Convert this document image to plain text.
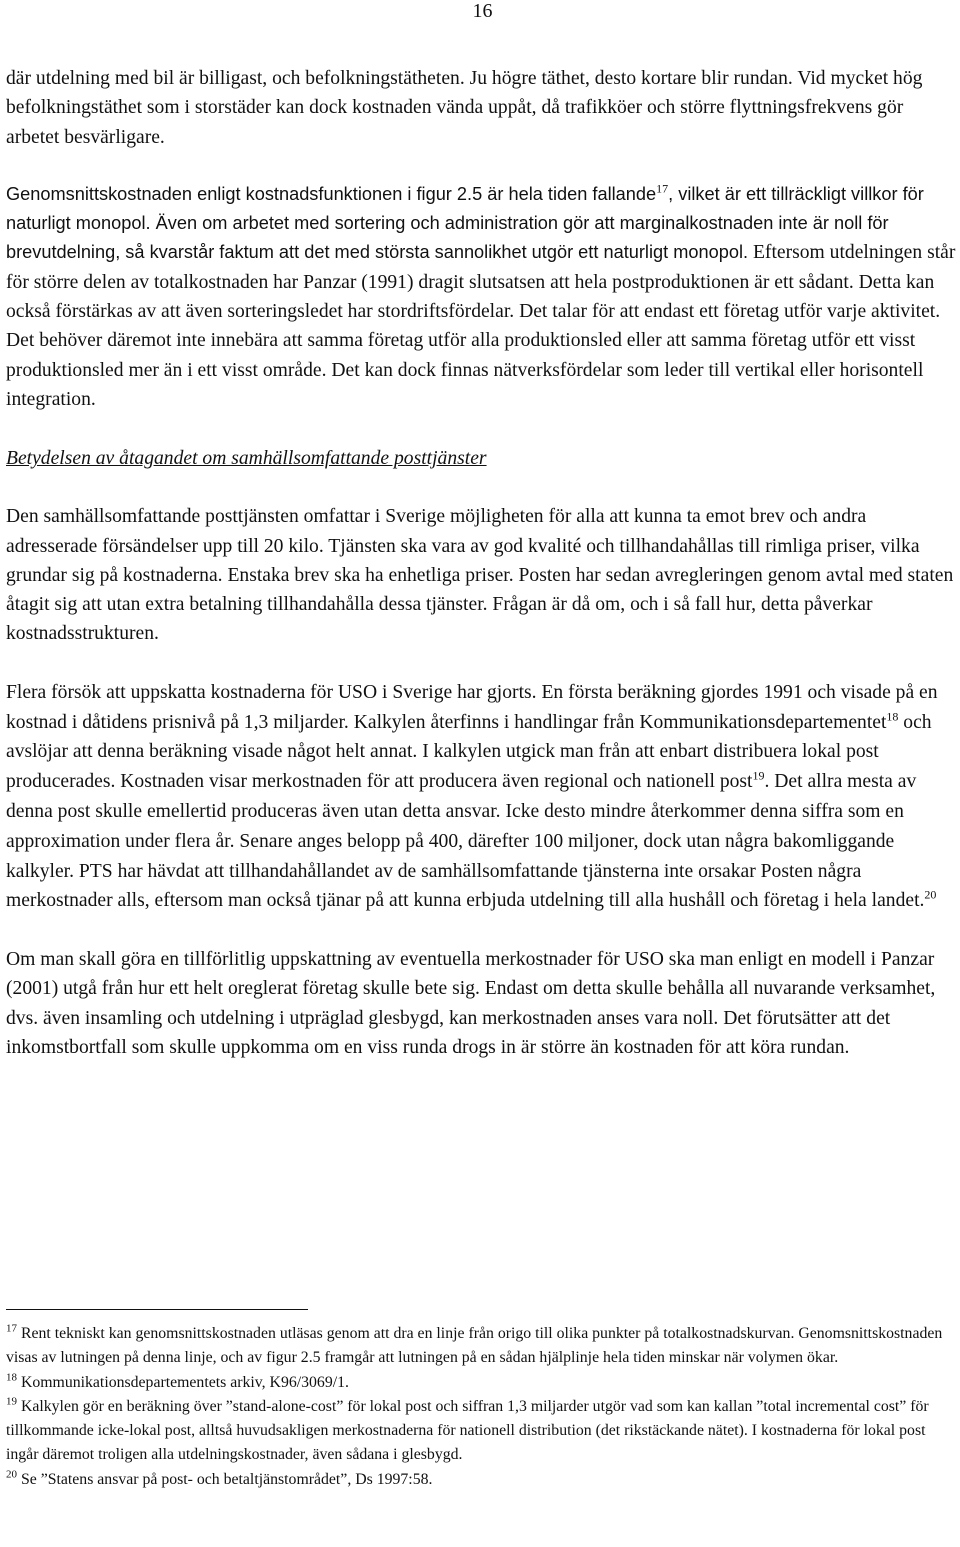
16

där utdelning med bil är billigast, och befolkningstätheten. Ju högre täthet, desto kortare blir rundan. Vid mycket hög befolkningstäthet som i storstäder kan dock kostnaden vända uppåt, då trafikköer och större flyttningsfrekvens gör arbetet besvärligare.

Genomsnittskostnaden enligt kostnadsfunktionen i figur 2.5 är hela tiden fallande$^{17}$, vilket är ett tillräckligt villkor för naturligt monopol. Även om arbetet med sortering och administration gör att marginalkostnaden inte är noll för brevutdelning, så kvarstår faktum att det med största sannolikhet utgör ett naturligt monopol. Eftersom utdelningen står för större delen av totalkostnaden har Panzar (1991) dragit slutsatsen att hela postproduktionen är ett sådant. Detta kan också förstärkas av att även sorteringsledet har stordriftsfördelar. Det talar för att endast ett företag utför varje aktivitet. Det behöver däremot inte innebära att samma företag utför alla produktionsled eller att samma företag utför ett visst produktionsled mer än i ett visst område. Det kan dock finnas nätverksfördelar som leder till vertikal eller horisontell integration.

Betydelsen av åtagandet om samhällsomfattande posttjänster

Den samhällsomfattande posttjänsten omfattar i Sverige möjligheten för alla att kunna ta emot brev och andra adresserade försändelser upp till 20 kilo. Tjänsten ska vara av god kvalité och tillhandahållas till rimliga priser, vilka grundar sig på kostnaderna. Enstaka brev ska ha enhetliga priser. Posten har sedan avregleringen genom avtal med staten åtagit sig att utan extra betalning tillhandahålla dessa tjänster. Frågan är då om, och i så fall hur, detta påverkar kostnadsstrukturen.

Flera försök att uppskatta kostnaderna för USO i Sverige har gjorts. En första beräkning gjordes 1991 och visade på en kostnad i dåtidens prisnivå på 1,3 miljarder. Kalkylen återfinns i handlingar från Kommunikationsdepartementet$^{18}$ och avslöjar att denna beräkning visade något helt annat. I kalkylen utgick man från att enbart distribuera lokal post producerades. Kostnaden visar merkostnaden för att producera även regional och nationell post$^{19}$. Det allra mesta av denna post skulle emellertid produceras även utan detta ansvar. Icke desto mindre återkommer denna siffra som en approximation under flera år. Senare anges belopp på 400, därefter 100 miljoner, dock utan några bakomliggande kalkyler. PTS har hävdat att tillhandahållandet av de samhällsomfattande tjänsterna inte orsakar Posten några merkostnader alls, eftersom man också tjänar på att kunna erbjuda utdelning till alla hushåll och företag i hela landet.$^{20}$

Om man skall göra en tillförlitlig uppskattning av eventuella merkostnader för USO ska man enligt en modell i Panzar (2001) utgå från hur ett helt oreglerat företag skulle bete sig. Endast om detta skulle behålla all nuvarande verksamhet, dvs. även insamling och utdelning i utpräglad glesbygd, kan merkostnaden anses vara noll. Det förutsätter att det inkomstbortfall som skulle uppkomma om en viss runda drogs in är större än kostnaden för att köra rundan.

$^{17}$ Rent tekniskt kan genomsnittskostnaden utläsas genom att dra en linje från origo till olika punkter på totalkostnadskurvan. Genomsnittskostnaden visas av lutningen på denna linje, och av figur 2.5 framgår att lutningen på en sådan hjälplinje hela tiden minskar när volymen ökar.

$^{18}$ Kommunikationsdepartementets arkiv, K96/3069/1.

$^{19}$ Kalkylen gör en beräkning över ”stand-alone-cost” för lokal post och siffran 1,3 miljarder utgör vad som kan kallan ”total incremental cost” för tillkommande icke-lokal post, alltså huvudsakligen merkostnaderna för nationell distribution (det rikstäckande nätet). I kostnaderna för lokal post ingår däremot troligen alla utdelningskostnader, även sådana i glesbygd.

$^{20}$ Se ”Statens ansvar på post- och betaltjänstområdet”, Ds 1997:58.
